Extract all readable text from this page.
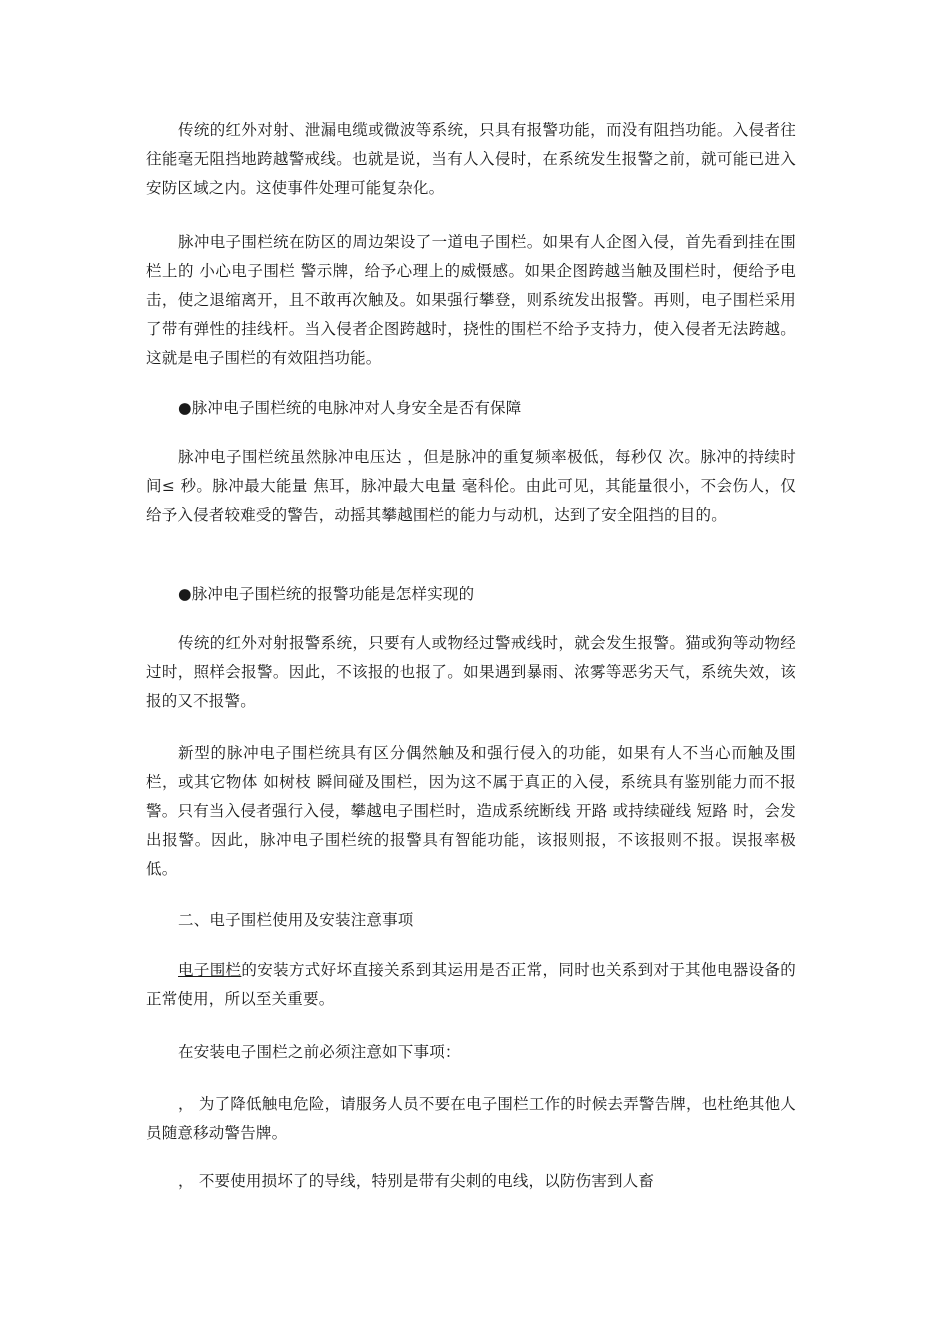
传统的红外对射、泄漏电缆或微波等系统，只具有报警功能，而没有阻挡功能。入侵者往往能毫无阻挡地跨越警戒线。也就是说，当有人入侵时，在系统发生报警之前，就可能已进入安防区域之内。这使事件处理可能复杂化。

脉冲电子围栏统在防区的周边架设了一道电子围栏。如果有人企图入侵，首先看到挂在围栏上的 小心电子围栏 警示牌，给予心理上的威慑感。如果企图跨越当触及围栏时，便给予电击，使之退缩离开，且不敢再次触及。如果强行攀登，则系统发出报警。再则，电子围栏采用了带有弹性的挂线杆。当入侵者企图跨越时，挠性的围栏不给予支持力，使入侵者无法跨越。这就是电子围栏的有效阻挡功能。

●脉冲电子围栏统的电脉冲对人身安全是否有保障

脉冲电子围栏统虽然脉冲电压达 ，但是脉冲的重复频率极低，每秒仅 次。脉冲的持续时间≤ 秒。脉冲最大能量 焦耳，脉冲最大电量 毫科伦。由此可见，其能量很小，不会伤人，仅给予入侵者较难受的警告，动摇其攀越围栏的能力与动机，达到了安全阻挡的目的。

●脉冲电子围栏统的报警功能是怎样实现的

传统的红外对射报警系统，只要有人或物经过警戒线时，就会发生报警。猫或狗等动物经过时，照样会报警。因此，不该报的也报了。如果遇到暴雨、浓雾等恶劣天气，系统失效，该报的又不报警。

新型的脉冲电子围栏统具有区分偶然触及和强行侵入的功能，如果有人不当心而触及围栏，或其它物体 如树枝 瞬间碰及围栏，因为这不属于真正的入侵，系统具有鉴别能力而不报警。只有当入侵者强行入侵，攀越电子围栏时，造成系统断线 开路 或持续碰线 短路 时，会发出报警。因此，脉冲电子围栏统的报警具有智能功能，该报则报，不该报则不报。误报率极低。

二、电子围栏使用及安装注意事项

电子围栏的安装方式好坏直接关系到其运用是否正常，同时也关系到对于其他电器设备的正常使用，所以至关重要。

在安装电子围栏之前必须注意如下事项：

， 为了降低触电危险，请服务人员不要在电子围栏工作的时候去弄警告牌，也杜绝其他人员随意移动警告牌。

， 不要使用损坏了的导线，特别是带有尖刺的电线，以防伤害到人畜
